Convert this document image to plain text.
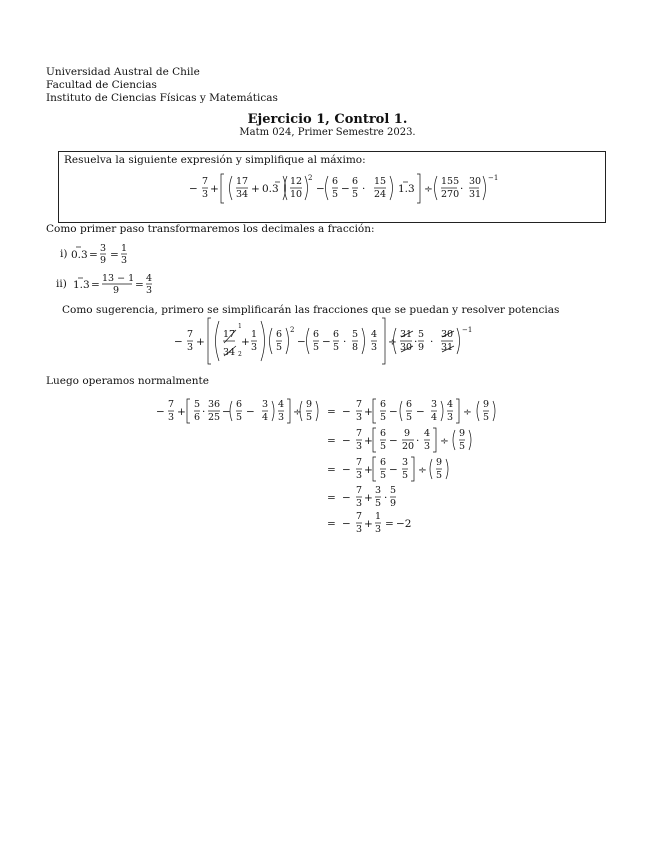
Universidad Austral de Chile
Facultad de Ciencias
Instituto de Ciencias Físicas y Matemáticas
Ejercicio 1, Control 1.
Matm 024, Primer Semestre 2023.
Resuelva la siguiente expresión y simplifique al máximo:
Como primer paso transformaremos los decimales a fracción:
i)
ii)
Como sugerencia, primero se simplificarán las fracciones que se puedan y resolver potencias
Luego operamos normalmente
−
7
3 +
17
34 + 0.3
12
10
2
−
6
5 −
6
5 ·
15
24 1.3 ÷
155
270 ·
30
31
−1
0.3 =
3
9 =
1
3
1.3 =
13 − 1
9 =
4
3
−
7
3 +
17
34
1
2
+
1
3
6
5
2
−
6
5 −
6
5 ·
5
8
4
3 ÷
31
30 ·
5
9 ·
30
31
−1
−
7
3 +
5
6 ·
36
25 −
6
5 −
3
4
4
3 ÷
9
5 = −
7
3 +
6
5 −
6
5 −
3
4
4
3 ÷
9
5
= −
7
3 +
6
5 −
9
20 ·
4
3 ÷
9
5
= −
7
3 +
6
5 −
3
5 ÷
9
5
= −
7
3 +
3
5 ·
5
9
= −
7
3 +
1
3 = −2
